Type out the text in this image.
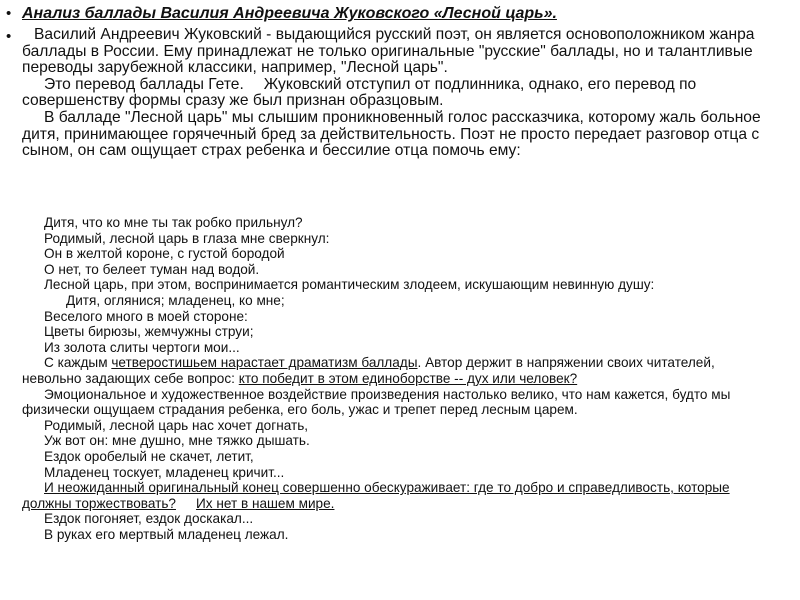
• Анализ баллады Василия Андреевича Жуковского «Лесной царь».
•	Василий Андреевич Жуковский - выдающийся русский поэт, он является основоположником жанра баллады в России. Ему принадлежат не только оригинальные "русские" баллады, но и талантливые переводы зарубежной классики, например, "Лесной царь".

Это перевод баллады Гете. Жуковский отступил от подлинника, однако, его перевод по совершенству формы сразу же был признан образцовым.

В балладе "Лесной царь" мы слышим проникновенный голос рассказчика, которому жаль больное дитя, принимающее горячечный бред за действительность. Поэт не просто передает разговор отца с сыном, он сам ощущает страх ребенка и бессилие отца помочь ему:

Дитя, что ко мне ты так робко прильнул?

Родимый, лесной царь в глаза мне сверкнул:

Он в желтой короне, с густой бородой

О нет, то белеет туман над водой.

Лесной царь, при этом, воспринимается романтическим злодеем, искушающим невинную душу:

Дитя, оглянися; младенец, ко мне;

Веселого много в моей стороне:

Цветы бирюзы, жемчужны струи;

Из золота слиты чертоги мои...

С каждым четверостишьем нарастает драматизм баллады. Автор держит в напряжении своих читателей, невольно задающих себе вопрос: кто победит в этом единоборстве -- дух или человек?

Эмоциональное и художественное воздействие произведения настолько велико, что нам кажется, будто мы физически ощущаем страдания ребенка, его боль, ужас и трепет перед лесным царем.

Родимый, лесной царь нас хочет догнать,

Уж вот он: мне душно, мне тяжко дышать.

Ездок оробелый не скачет, летит,

Младенец тоскует, младенец кричит...

И неожиданный оригинальный конец совершенно обескураживает: где то добро и справедливость, которые должны торжествовать? Их нет в нашем мире.

Ездок погоняет, ездок доскакал...

В руках его мертвый младенец лежал.
